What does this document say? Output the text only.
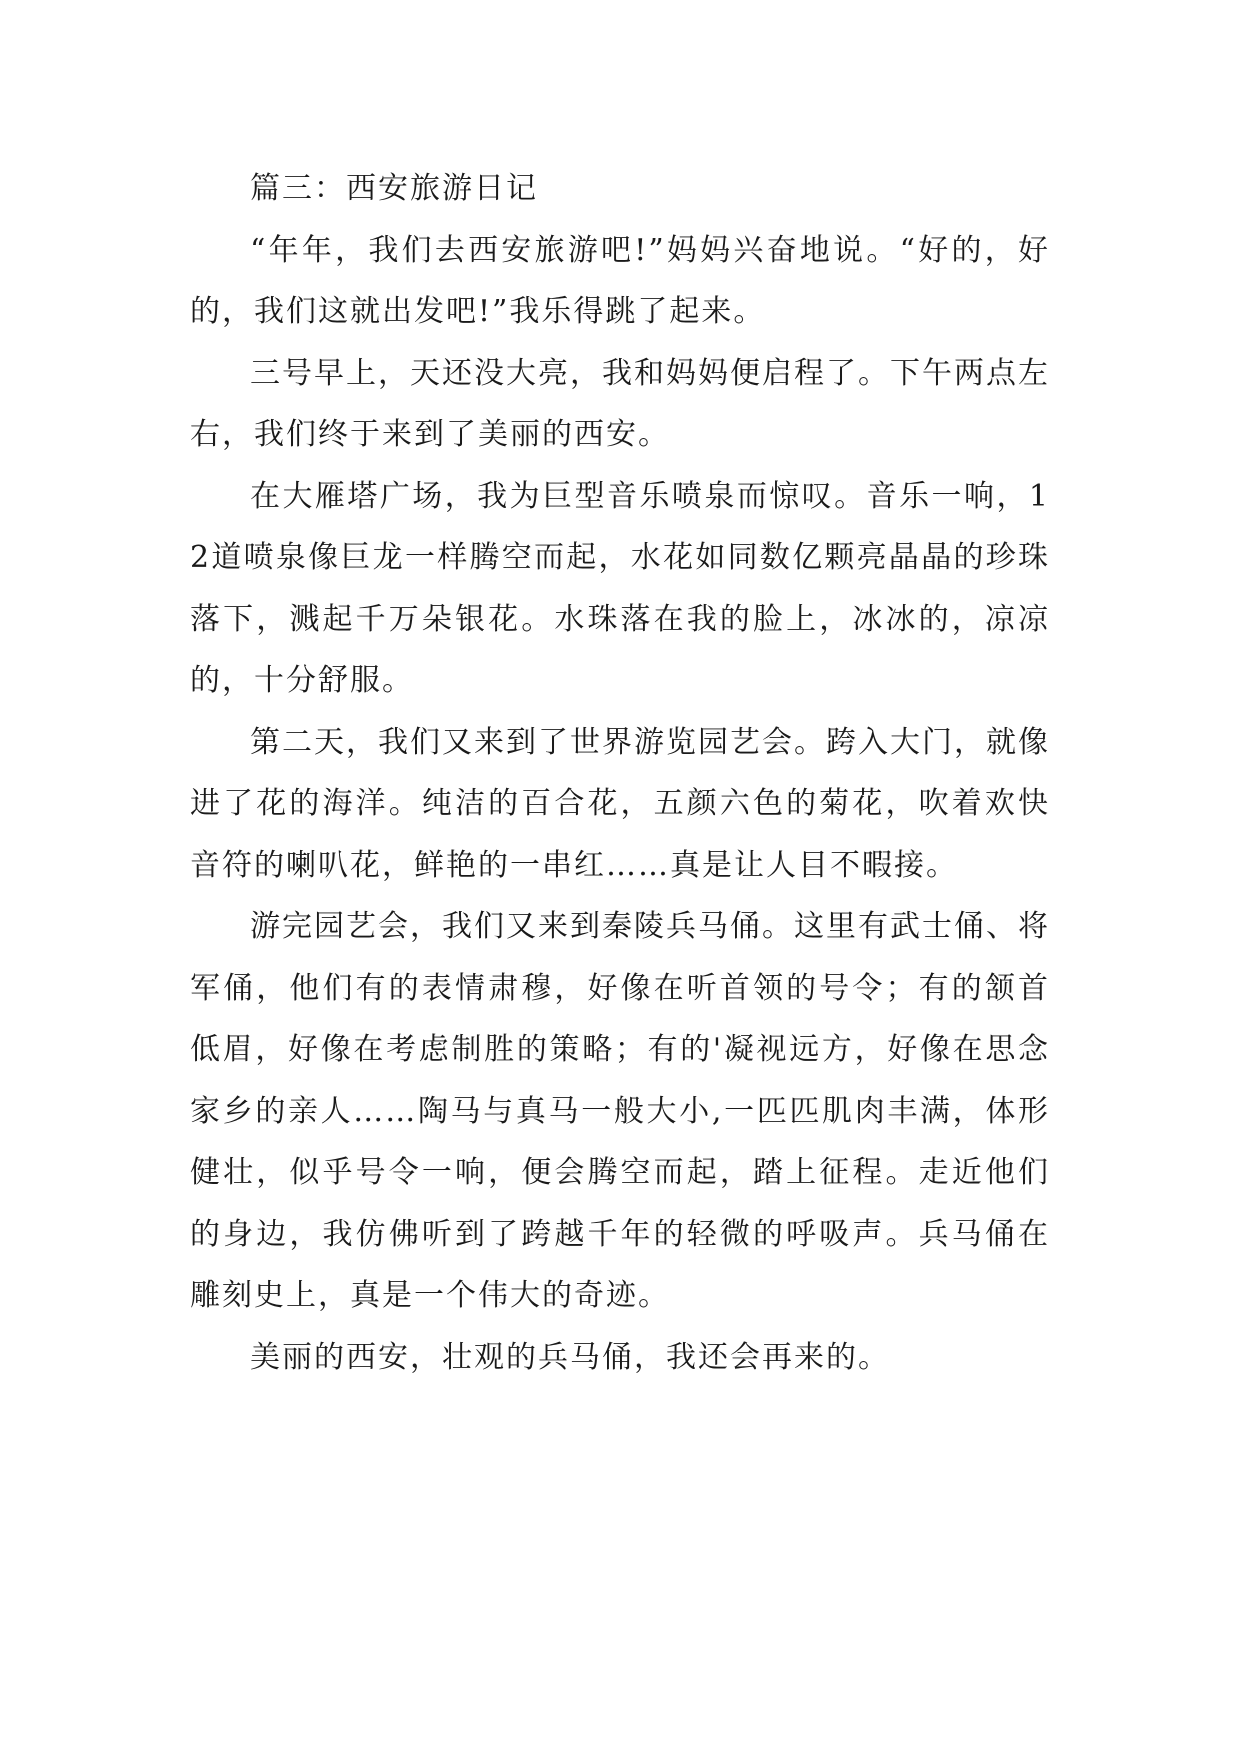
篇三：西安旅游日记

“年年，我们去西安旅游吧!”妈妈兴奋地说。“好的，好的，我们这就出发吧!”我乐得跳了起来。

三号早上，天还没大亮，我和妈妈便启程了。下午两点左右，我们终于来到了美丽的西安。

在大雁塔广场，我为巨型音乐喷泉而惊叹。音乐一响，12道喷泉像巨龙一样腾空而起，水花如同数亿颗亮晶晶的珍珠落下，溅起千万朵银花。水珠落在我的脸上，冰冰的，凉凉的，十分舒服。

第二天，我们又来到了世界游览园艺会。跨入大门，就像进了花的海洋。纯洁的百合花，五颜六色的菊花，吹着欢快音符的喇叭花，鲜艳的一串红……真是让人目不暇接。

游完园艺会，我们又来到秦陵兵马俑。这里有武士俑、将军俑，他们有的表情肃穆，好像在听首领的号令；有的颔首低眉，好像在考虑制胜的策略；有的'凝视远方，好像在思念家乡的亲人……陶马与真马一般大小,一匹匹肌肉丰满，体形健壮，似乎号令一响，便会腾空而起，踏上征程。走近他们的身边，我仿佛听到了跨越千年的轻微的呼吸声。兵马俑在雕刻史上，真是一个伟大的奇迹。

美丽的西安，壮观的兵马俑，我还会再来的。
